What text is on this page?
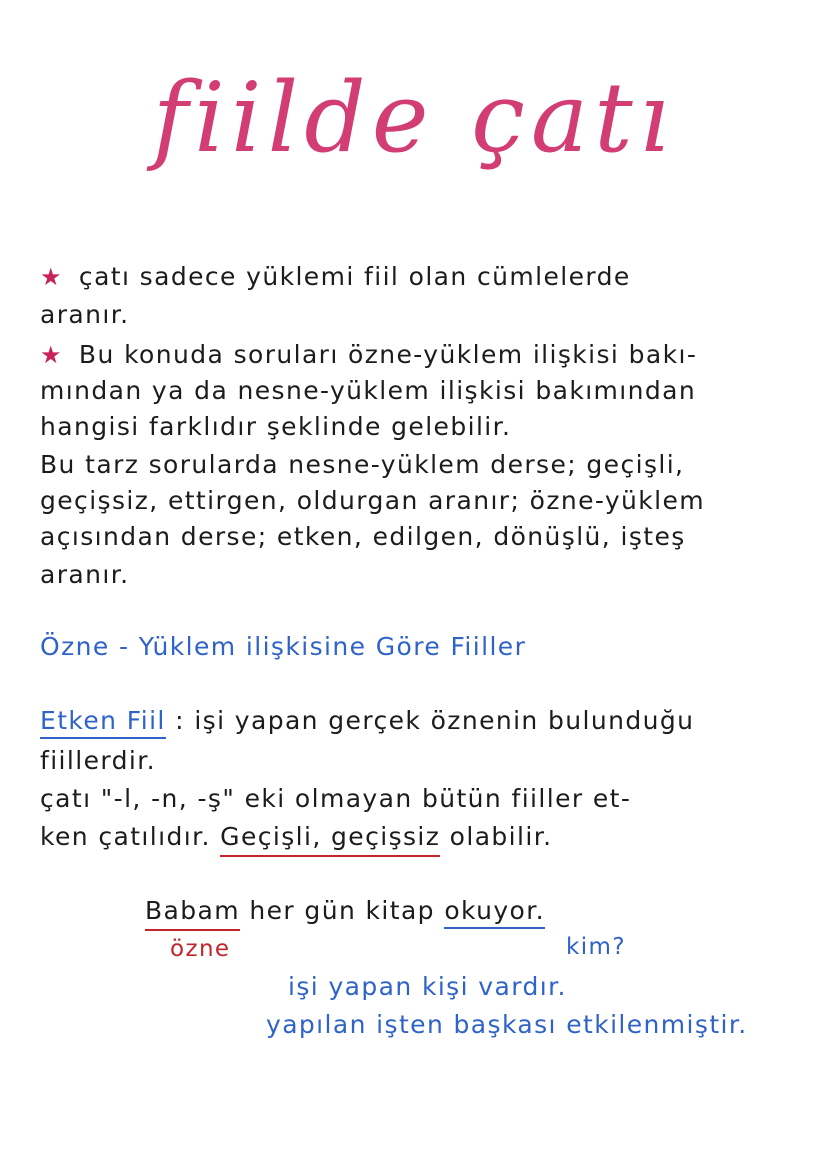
fiilde çatı
★ çatı sadece yüklemi fiil olan cümlelerde
aranır.
★ Bu konuda soruları özne-yüklem ilişkisi bakı-
mından ya da nesne-yüklem ilişkisi bakımından
hangisi farklıdır şeklinde gelebilir.
Bu tarz sorularda nesne-yüklem derse; geçişli,
geçişsiz, ettirgen, oldurgan aranır; özne-yüklem
açısından derse; etken, edilgen, dönüşlü, işteş
aranır.
Özne - Yüklem ilişkisine Göre Fiiller
Etken Fiil : işi yapan gerçek öznenin bulunduğu
fiillerdir.
çatı "-l, -n, -ş" eki olmayan bütün fiiller et-
ken çatılıdır. Geçişli, geçişsiz olabilir.
Babam her gün kitap okuyor.
özne	kim?
işi yapan kişi vardır.
yapılan işten başkası etkilenmiştir.
